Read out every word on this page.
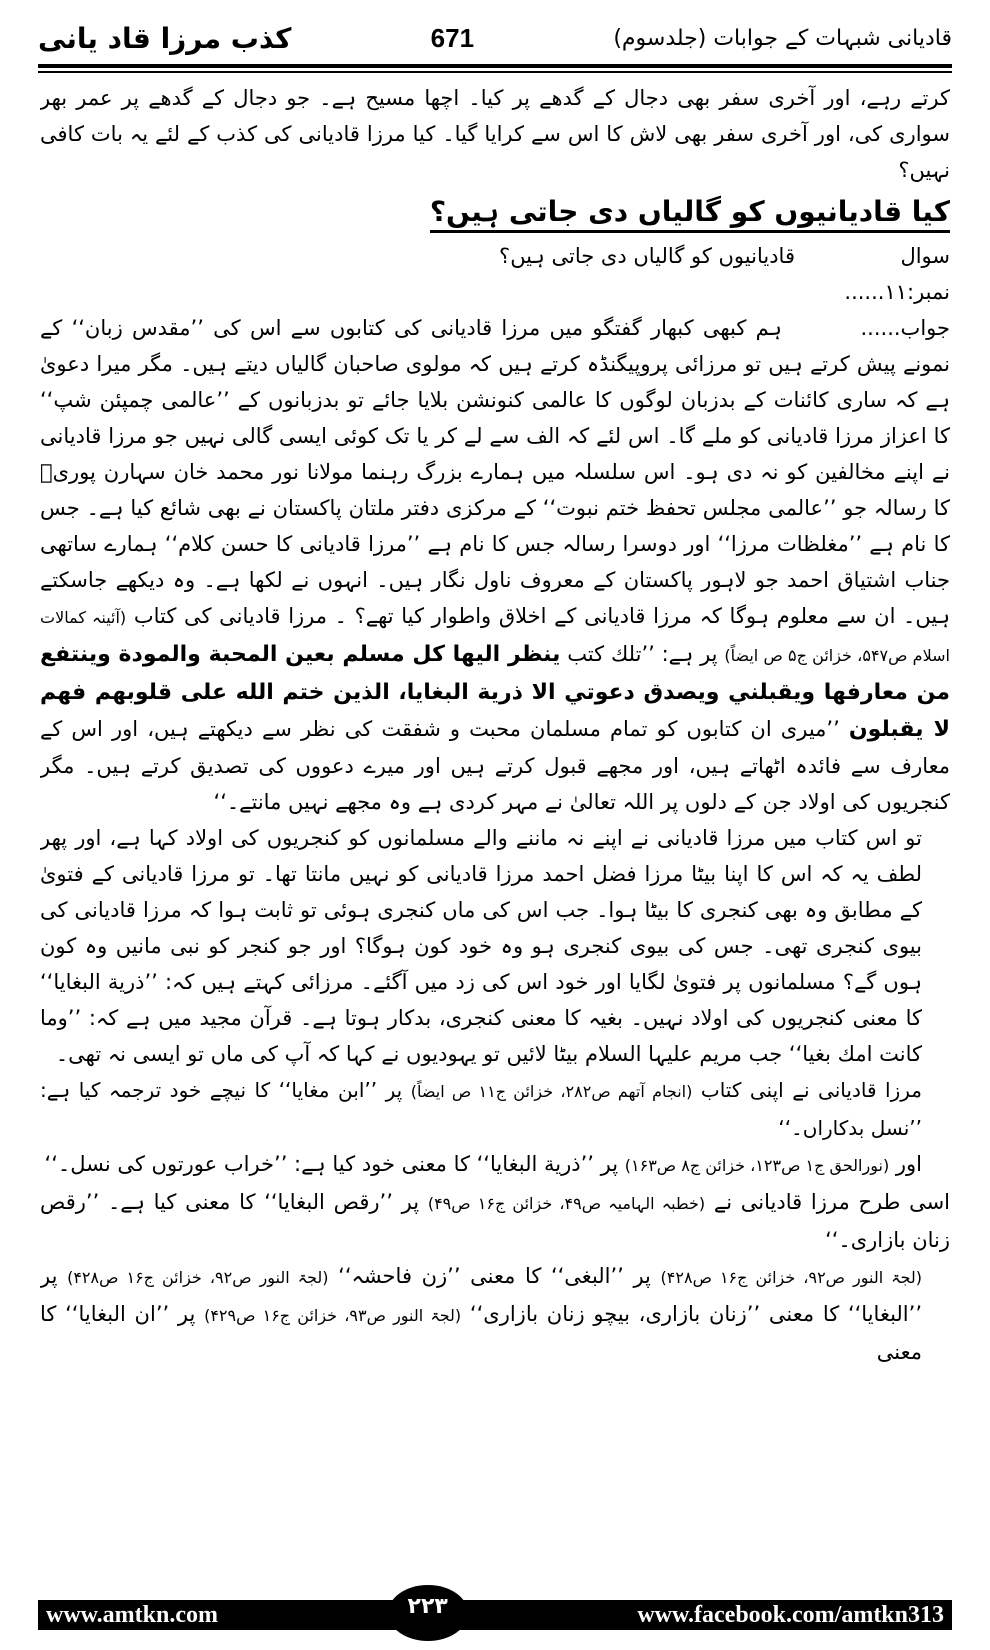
كذب مرزا قاد يانی	671	قادیانی شبہات کے جوابات (جلدسوم)

کرتے رہے، اور آخری سفر بھی دجال کے گدھے پر کیا۔ اچھا مسیح ہے۔ جو دجال کے گدھے پر عمر بھر سواری کی، اور آخری سفر بھی لاش کا اس سے کرایا گیا۔ کیا مرزا قادیانی کی کذب کے لئے یہ بات کافی نہیں؟

کیا قادیانیوں کو گالیاں دی جاتی ہیں؟
سوال نمبر:۱۱......
قادیانیوں کو گالیاں دی جاتی ہیں؟

جواب......  ہم کبھی کبھار گفتگو میں مرزا قادیانی کی کتابوں سے اس کی ’’مقدس زبان‘‘ کے نمونے پیش کرتے ہیں تو مرزائی پروپیگنڈہ کرتے ہیں کہ مولوی صاحبان گالیاں دیتے ہیں۔ مگر میرا دعویٰ ہے کہ ساری کائنات کے بدزبان لوگوں کا عالمی کنونشن بلایا جائے تو بدزبانوں کے ’’عالمی چمپئن شپ‘‘ کا اعزاز مرزا قادیانی کو ملے گا۔ اس لئے کہ الف سے لے کر یا تک کوئی ایسی گالی نہیں جو مرزا قادیانی نے اپنے مخالفین کو نہ دی ہو۔ اس سلسلہ میں ہمارے بزرگ رہنما مولانا نور محمد خان سہارن پوریؒ کا رسالہ جو ’’عالمی مجلس تحفظ ختم نبوت‘‘ کے مرکزی دفتر ملتان پاکستان نے بھی شائع کیا ہے۔ جس کا نام ہے ’’مغلظات مرزا‘‘ اور دوسرا رسالہ جس کا نام ہے ’’مرزا قادیانی کا حسن کلام‘‘ ہمارے ساتھی جناب اشتیاق احمد جو لاہور پاکستان کے معروف ناول نگار ہیں۔ انہوں نے لکھا ہے۔ وہ دیکھے جاسکتے ہیں۔ ان سے معلوم ہوگا کہ مرزا قادیانی کے اخلاق واطوار کیا تھے؟ ۔ مرزا قادیانی کی کتاب (آئینہ کمالات اسلام ص۵۴۷، خزائن ج۵ ص ایضاً) پر ہے: ’’تلك كتب ينظر اليها كل مسلم بعين المحبة والمودة وينتفع من معارفها ويقبلني ويصدق دعوتي الا ذرية البغايا، الذين ختم الله على قلوبهم فهم لا يقبلون ’’میری ان کتابوں کو تمام مسلمان محبت و شفقت کی نظر سے دیکھتے ہیں، اور اس کے معارف سے فائدہ اٹھاتے ہیں، اور مجھے قبول کرتے ہیں اور میرے دعووں کی تصدیق کرتے ہیں۔ مگر کنجریوں کی اولاد جن کے دلوں پر اللہ تعالیٰ نے مہر کردی ہے وہ مجھے نہیں مانتے۔‘‘

تو اس کتاب میں مرزا قادیانی نے اپنے نہ ماننے والے مسلمانوں کو کنجریوں کی اولاد کہا ہے، اور پھر لطف یہ کہ اس کا اپنا بیٹا مرزا فضل احمد مرزا قادیانی کو نہیں مانتا تھا۔ تو مرزا قادیانی کے فتویٰ کے مطابق وہ بھی کنجری کا بیٹا ہوا۔ جب اس کی ماں کنجری ہوئی تو ثابت ہوا کہ مرزا قادیانی کی بیوی کنجری تھی۔ جس کی بیوی کنجری ہو وہ خود کون ہوگا؟ اور جو کنجر کو نبی مانیں وہ کون ہوں گے؟ مسلمانوں پر فتویٰ لگایا اور خود اس کی زد میں آگئے۔ مرزائی کہتے ہیں کہ: ’’ذرية البغايا‘‘ کا معنی کنجریوں کی اولاد نہیں۔ بغیہ کا معنی کنجری، بدکار ہوتا ہے۔ قرآن مجید میں ہے کہ: ’’وما كانت امك بغيا‘‘ جب مریم علیہا السلام بیٹا لائیں تو یہودیوں نے کہا کہ آپ کی ماں تو ایسی نہ تھی۔

مرزا قادیانی نے اپنی کتاب (انجام آتھم ص۲۸۲، خزائن ج۱۱ ص ایضاً) پر ’’ابن مغایا‘‘ کا نیچے خود ترجمہ کیا ہے: ’’نسل بدکاراں۔‘‘

اور (نورالحق ج۱ ص۱۲۳، خزائن ج۸ ص۱۶۳) پر ’’ذرية البغايا‘‘ کا معنی خود کیا ہے: ’’خراب عورتوں کی نسل۔‘‘

اسی طرح مرزا قادیانی نے (خطبہ الہامیہ ص۴۹، خزائن ج۱۶ ص۴۹) پر ’’رقص البغايا‘‘ کا معنی کیا ہے۔ ’’رقص زنان بازاری۔‘‘

(لجۃ النور ص۹۲، خزائن ج۱۶ ص۴۲۸) پر ’’البغی‘‘ کا معنی ’’زن فاحشہ‘‘ (لجۃ النور ص۹۲، خزائن ج۱۶ ص۴۲۸) پر ’’البغايا‘‘ کا معنی ’’زنان بازاری، بیچو زنان بازاری‘‘ (لجۃ النور ص۹۳، خزائن ج۱۶ ص۴۲۹) پر ’’ان البغايا‘‘ کا معنی

www.amtkn.com	۲۲۳	www.facebook.com/amtkn313
